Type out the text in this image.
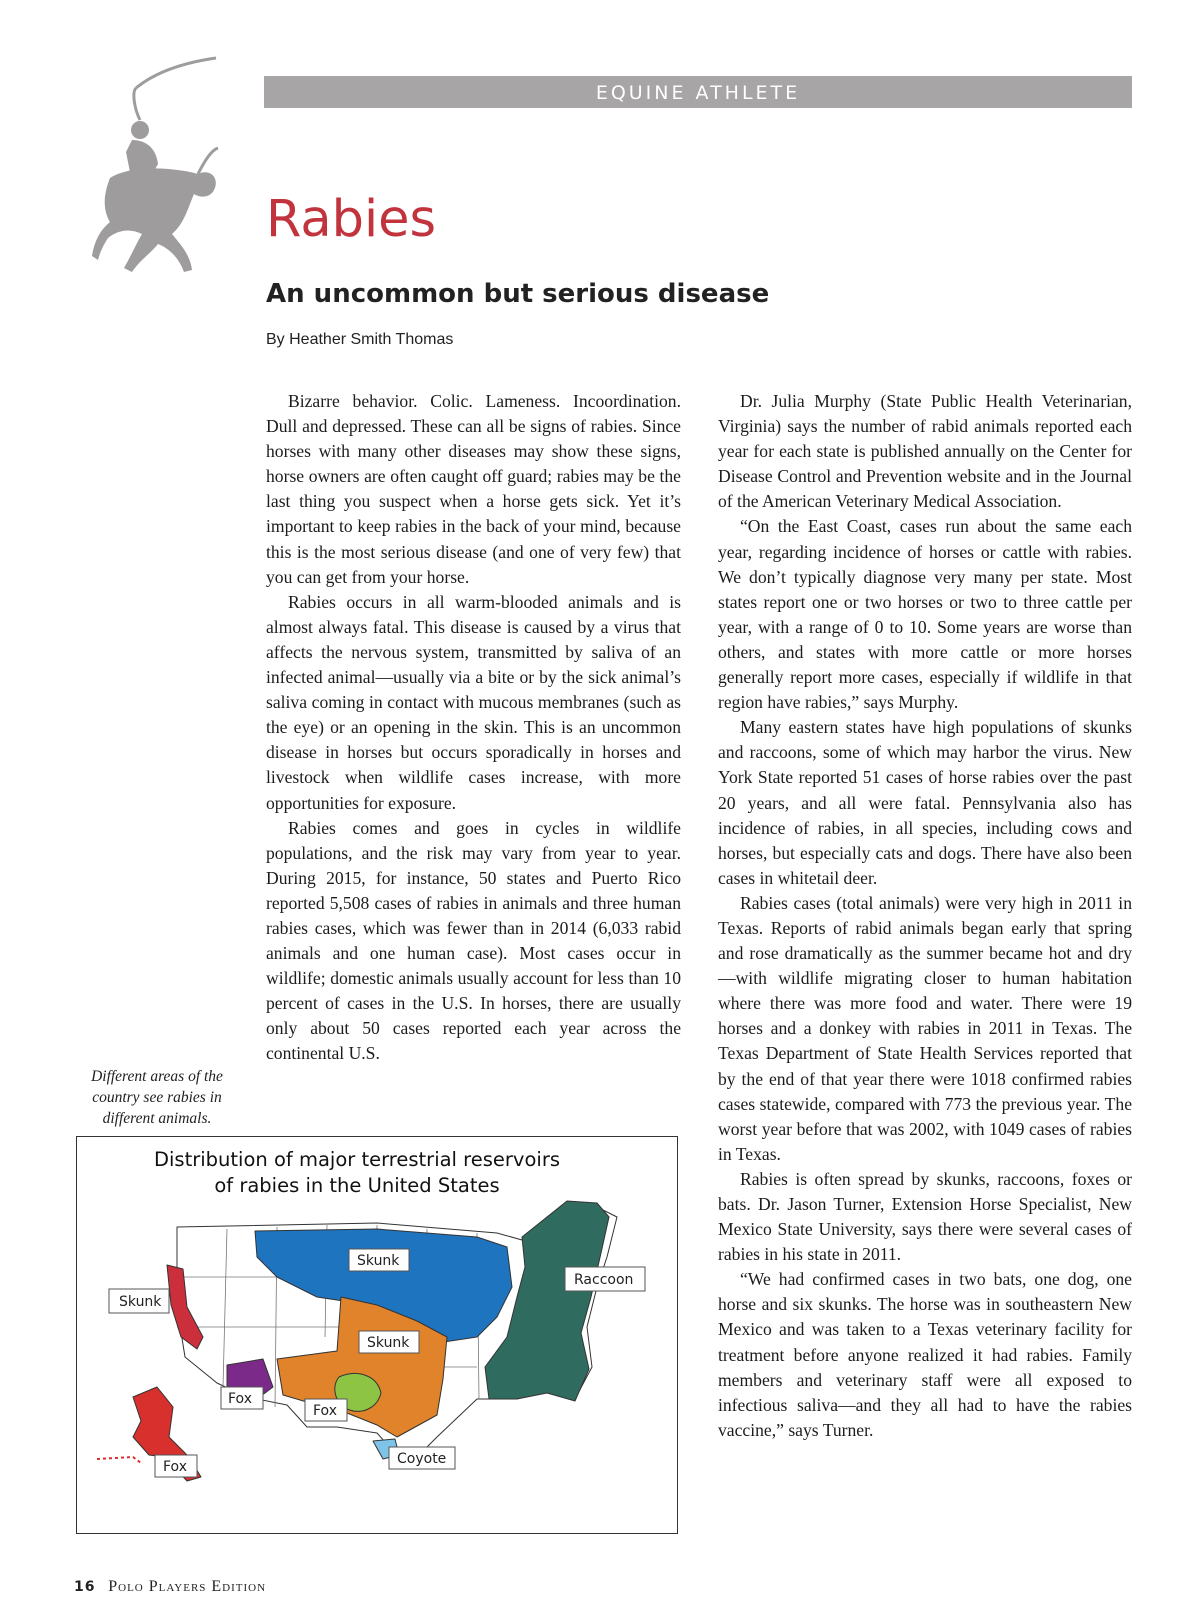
EQUINE ATHLETE
Rabies
An uncommon but serious disease
By Heather Smith Thomas

Bizarre behavior. Colic. Lameness. Incoordination. Dull and depressed. These can all be signs of rabies. Since horses with many other diseases may show these signs, horse owners are often caught off guard; rabies may be the last thing you suspect when a horse gets sick. Yet it’s important to keep rabies in the back of your mind, because this is the most serious disease (and one of very few) that you can get from your horse.

Rabies occurs in all warm-blooded animals and is almost always fatal. This disease is caused by a virus that affects the nervous system, transmitted by saliva of an infected animal—usually via a bite or by the sick animal’s saliva coming in contact with mucous membranes (such as the eye) or an opening in the skin. This is an uncommon disease in horses but occurs sporadically in horses and livestock when wildlife cases increase, with more opportunities for exposure.

Rabies comes and goes in cycles in wildlife populations, and the risk may vary from year to year. During 2015, for instance, 50 states and Puerto Rico reported 5,508 cases of rabies in animals and three human rabies cases, which was fewer than in 2014 (6,033 rabid animals and one human case). Most cases occur in wildlife; domestic animals usually account for less than 10 percent of cases in the U.S. In horses, there are usually only about 50 cases reported each year across the continental U.S.

Dr. Julia Murphy (State Public Health Veterinarian, Virginia) says the number of rabid animals reported each year for each state is published annually on the Center for Disease Control and Prevention website and in the Journal of the American Veterinary Medical Association.

“On the East Coast, cases run about the same each year, regarding incidence of horses or cattle with rabies. We don’t typically diagnose very many per state. Most states report one or two horses or two to three cattle per year, with a range of 0 to 10. Some years are worse than others, and states with more cattle or more horses generally report more cases, especially if wildlife in that region have rabies,” says Murphy.

Many eastern states have high populations of skunks and raccoons, some of which may harbor the virus. New York State reported 51 cases of horse rabies over the past 20 years, and all were fatal. Pennsylvania also has incidence of rabies, in all species, including cows and horses, but especially cats and dogs. There have also been cases in whitetail deer.

Rabies cases (total animals) were very high in 2011 in Texas. Reports of rabid animals began early that spring and rose dramatically as the summer became hot and dry—with wildlife migrating closer to human habitation where there was more food and water. There were 19 horses and a donkey with rabies in 2011 in Texas. The Texas Department of State Health Services reported that by the end of that year there were 1018 confirmed rabies cases statewide, compared with 773 the previous year. The worst year before that was 2002, with 1049 cases of rabies in Texas.

Rabies is often spread by skunks, raccoons, foxes or bats. Dr. Jason Turner, Extension Horse Specialist, New Mexico State University, says there were several cases of rabies in his state in 2011.

“We had confirmed cases in two bats, one dog, one horse and six skunks. The horse was in southeastern New Mexico and was taken to a Texas veterinary facility for treatment before anyone realized it had rabies. Family members and veterinary staff were all exposed to infectious saliva—and they all had to have the rabies vaccine,” says Turner.

Different areas of the country see rabies in different animals.
Skunk
Skunk
Raccoon
Skunk
Fox
Fox
Fox	Coyote
Distribution of major terrestrial reservoirs
of rabies in the United States
16 Polo Players Edition
